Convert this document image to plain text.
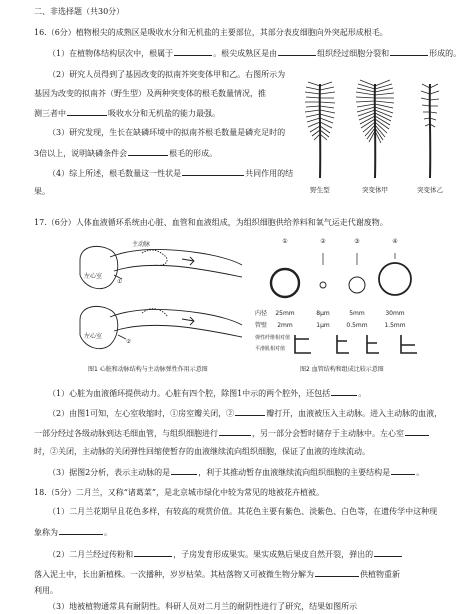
二、非选择题（共30分）
16.（6分）植物根尖的成熟区是吸收水分和无机盐的主要部位，其部分表皮细胞向外突起形成根毛。
（1）在植物体结构层次中，根属于	。根尖成熟区是由	组织经过细胞分裂和	形成的。
（2）研究人员得到了基因改变的拟南芥突变体甲和乙。右图所示为
基因为改变的拟南芥（野生型）及两种突变体的根毛数量情况，推
测三者中	吸收水分和无机盐的能力最强。
（3）研究发现，生长在缺磷环境中的拟南芥根毛数量是磷充足时的
3倍以上，说明缺磷条件会	根毛的形成。
（4）综上所述，根毛数量这一性状是	共同作用的结
果。	野生型	突变体甲	突变体乙
17.（6分）人体血液循环系统由心脏、血管和血液组成，为组织细胞供给养料和氧气运走代谢废物。
主动脉
左心室
左心室
①
②
图1 心脏和动脉结构与主动脉弹性作用示意图
①	②	③	④
内径 25mm	8μm	5mm	30mm
管壁 2mm	1μm	0.5mm	1.5mm
弹性纤维相对值
平滑肌相对值
图2 血管结构和组成比较示意图
（1）心脏为血液循环提供动力。心脏有四个腔，除图1中示的两个腔外，还包括	。
（2）由图1可知，左心室收缩时，①房室瓣关闭，②	瓣打开，血液被压入主动脉。进入主动脉的血液，
一部分经过各级动脉到达毛细血管，与组织细胞进行	，另一部分会暂时储存于主动脉中。左心室
时，②关闭，主动脉的关闭弹性回缩使暂存的血液继续流向组织细胞，保证了血液的连续流动。
（3）据图2分析，表示主动脉的是	，利于其推动暂存血液继续流向组织细胞的主要结构是	。
18.（5分）二月兰，又称“诸葛菜”，是北京城市绿化中较为常见的地被花卉植被。
（1）二月兰花期早且花色多样，有较高的观赏价值。其花色主要有紫色、淡紫色、白色等，在遗传学中这种现
象称为	。
（2）二月兰经过传粉和	，子房发育形成果实。果实成熟后果皮自然开裂，弹出的
落入泥土中，长出新植株。一次播种，岁岁枯荣。其枯落物又可被微生物分解为	供植物重新
利用。
（3）地被植物通常具有耐阴性。科研人员对二月兰的耐阴性进行了研究，结果如图所示
